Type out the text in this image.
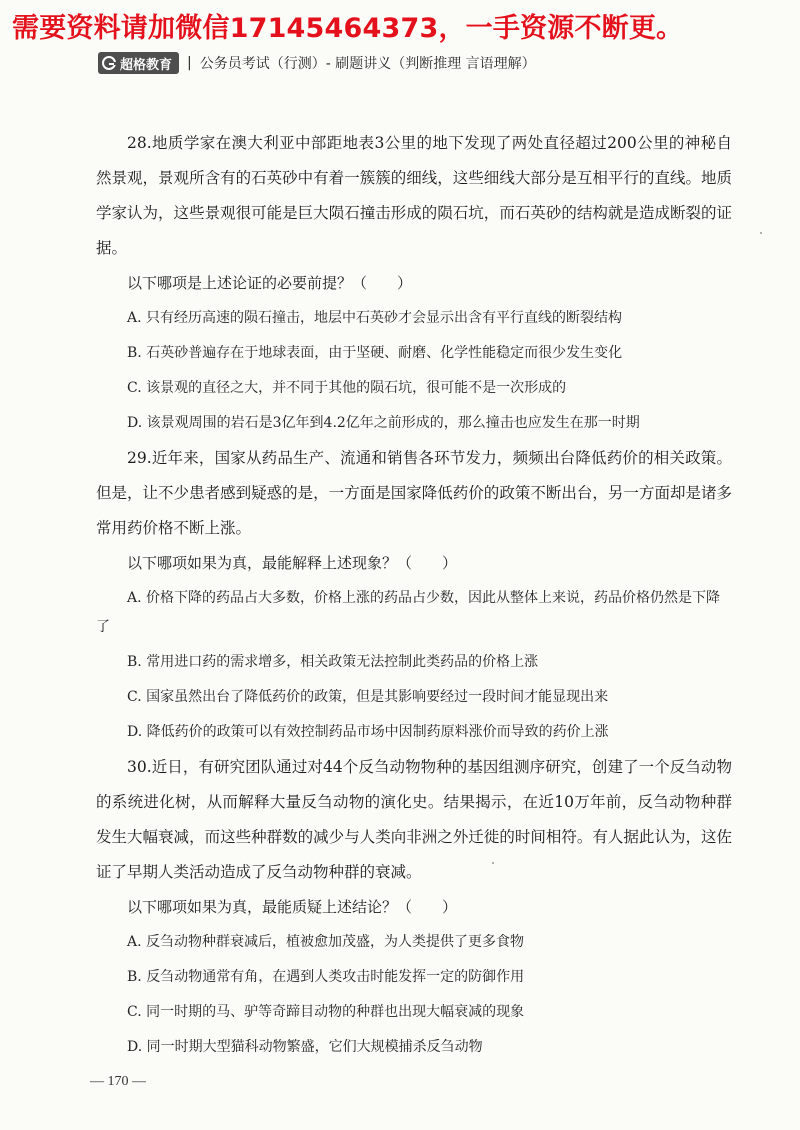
需要资料请加微信17145464373，一手资源不断更。
超格教育 | 公务员考试（行测）- 刷题讲义（判断推理 言语理解）

28.地质学家在澳大利亚中部距地表3公里的地下发现了两处直径超过200公里的神秘自然景观，景观所含有的石英砂中有着一簇簇的细线，这些细线大部分是互相平行的直线。地质学家认为，这些景观很可能是巨大陨石撞击形成的陨石坑，而石英砂的结构就是造成断裂的证据。

以下哪项是上述论证的必要前提？（　　）

A. 只有经历高速的陨石撞击，地层中石英砂才会显示出含有平行直线的断裂结构

B. 石英砂普遍存在于地球表面，由于坚硬、耐磨、化学性能稳定而很少发生变化

C. 该景观的直径之大，并不同于其他的陨石坑，很可能不是一次形成的

D. 该景观周围的岩石是3亿年到4.2亿年之前形成的，那么撞击也应发生在那一时期

29.近年来，国家从药品生产、流通和销售各环节发力，频频出台降低药价的相关政策。但是，让不少患者感到疑惑的是，一方面是国家降低药价的政策不断出台，另一方面却是诸多常用药价格不断上涨。

以下哪项如果为真，最能解释上述现象？（　　）

A. 价格下降的药品占大多数，价格上涨的药品占少数，因此从整体上来说，药品价格仍然是下降了

B. 常用进口药的需求增多，相关政策无法控制此类药品的价格上涨

C. 国家虽然出台了降低药价的政策，但是其影响要经过一段时间才能显现出来

D. 降低药价的政策可以有效控制药品市场中因制药原料涨价而导致的药价上涨

30.近日，有研究团队通过对44个反刍动物物种的基因组测序研究，创建了一个反刍动物的系统进化树，从而解释大量反刍动物的演化史。结果揭示，在近10万年前，反刍动物种群发生大幅衰减，而这些种群数的减少与人类向非洲之外迁徙的时间相符。有人据此认为，这佐证了早期人类活动造成了反刍动物种群的衰减。

以下哪项如果为真，最能质疑上述结论？（　　）

A. 反刍动物种群衰减后，植被愈加茂盛，为人类提供了更多食物

B. 反刍动物通常有角，在遇到人类攻击时能发挥一定的防御作用

C. 同一时期的马、驴等奇蹄目动物的种群也出现大幅衰减的现象

D. 同一时期大型猫科动物繁盛，它们大规模捕杀反刍动物

— 170 —
